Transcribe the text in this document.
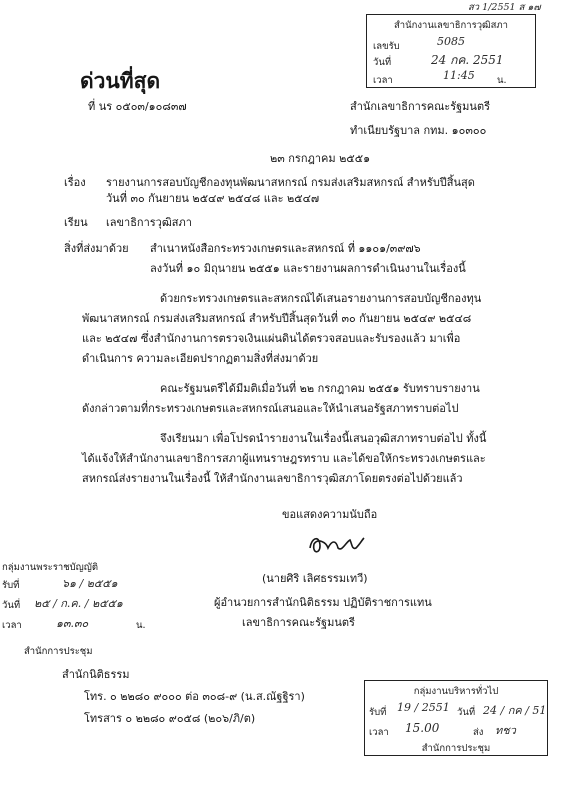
สว 1/2551 ส ๑๗
สำนักงานเลขาธิการวุฒิสภา
เลขรับ	5085
วันที่	24 กค. 2551
เวลา	11:45 น.
ด่วนที่สุด
ที่ นร ๐๕๐๓/๑๐๘๓๗	สำนักเลขาธิการคณะรัฐมนตรี
ทำเนียบรัฐบาล กทม. ๑๐๓๐๐
๒๓ กรกฎาคม ๒๕๕๑
เรื่อง รายงานการสอบบัญชีกองทุนพัฒนาสหกรณ์ กรมส่งเสริมสหกรณ์ สำหรับปีสิ้นสุด
วันที่ ๓๐ กันยายน ๒๕๔๙ ๒๕๔๘ และ ๒๕๔๗
เรียน เลขาธิการวุฒิสภา
สิ่งที่ส่งมาด้วย สำเนาหนังสือกระทรวงเกษตรและสหกรณ์ ที่ ๑๑๐๑/๓๙๗๖
ลงวันที่ ๑๐ มิถุนายน ๒๕๕๑ และรายงานผลการดำเนินงานในเรื่องนี้
ด้วยกระทรวงเกษตรและสหกรณ์ได้เสนอรายงานการสอบบัญชีกองทุน
พัฒนาสหกรณ์ กรมส่งเสริมสหกรณ์ สำหรับปีสิ้นสุดวันที่ ๓๐ กันยายน ๒๕๔๙ ๒๕๔๘
และ ๒๕๔๗ ซึ่งสำนักงานการตรวจเงินแผ่นดินได้ตรวจสอบและรับรองแล้ว มาเพื่อ
ดำเนินการ ความละเอียดปรากฏตามสิ่งที่ส่งมาด้วย
คณะรัฐมนตรีได้มีมติเมื่อวันที่ ๒๒ กรกฎาคม ๒๕๕๑ รับทราบรายงาน
ดังกล่าวตามที่กระทรวงเกษตรและสหกรณ์เสนอและให้นำเสนอรัฐสภาทราบต่อไป
จึงเรียนมา เพื่อโปรดนำรายงานในเรื่องนี้เสนอวุฒิสภาทราบต่อไป ทั้งนี้
ได้แจ้งให้สำนักงานเลขาธิการสภาผู้แทนราษฎรทราบ และได้ขอให้กระทรวงเกษตรและ
สหกรณ์ส่งรายงานในเรื่องนี้ ให้สำนักงานเลขาธิการวุฒิสภาโดยตรงต่อไปด้วยแล้ว
ขอแสดงความนับถือ
(นายศิริ เลิศธรรมเทวี)
ผู้อำนวยการสำนักนิติธรรม ปฏิบัติราชการแทน
เลขาธิการคณะรัฐมนตรี
กลุ่มงานพระราชบัญญัติ
รับที่	๖๑ / ๒๕๕๑
วันที่ ๒๕ / ก.ค. / ๒๕๕๑
เวลา	๑๓.๓๐	น.
สำนักการประชุม
สำนักนิติธรรม
โทร. ๐ ๒๒๘๐ ๙๐๐๐ ต่อ ๓๐๘-๙ (น.ส.ณัฐฐิรา)
โทรสาร ๐ ๒๒๘๐ ๙๐๕๘ (๒๐๖/ภิ/ต)
กลุ่มงานบริหารทั่วไป
รับที่ 19 / 2551 วันที่ 24 / กค / 51
เวลา 15.00	ส่ง ทชว
สำนักการประชุม
